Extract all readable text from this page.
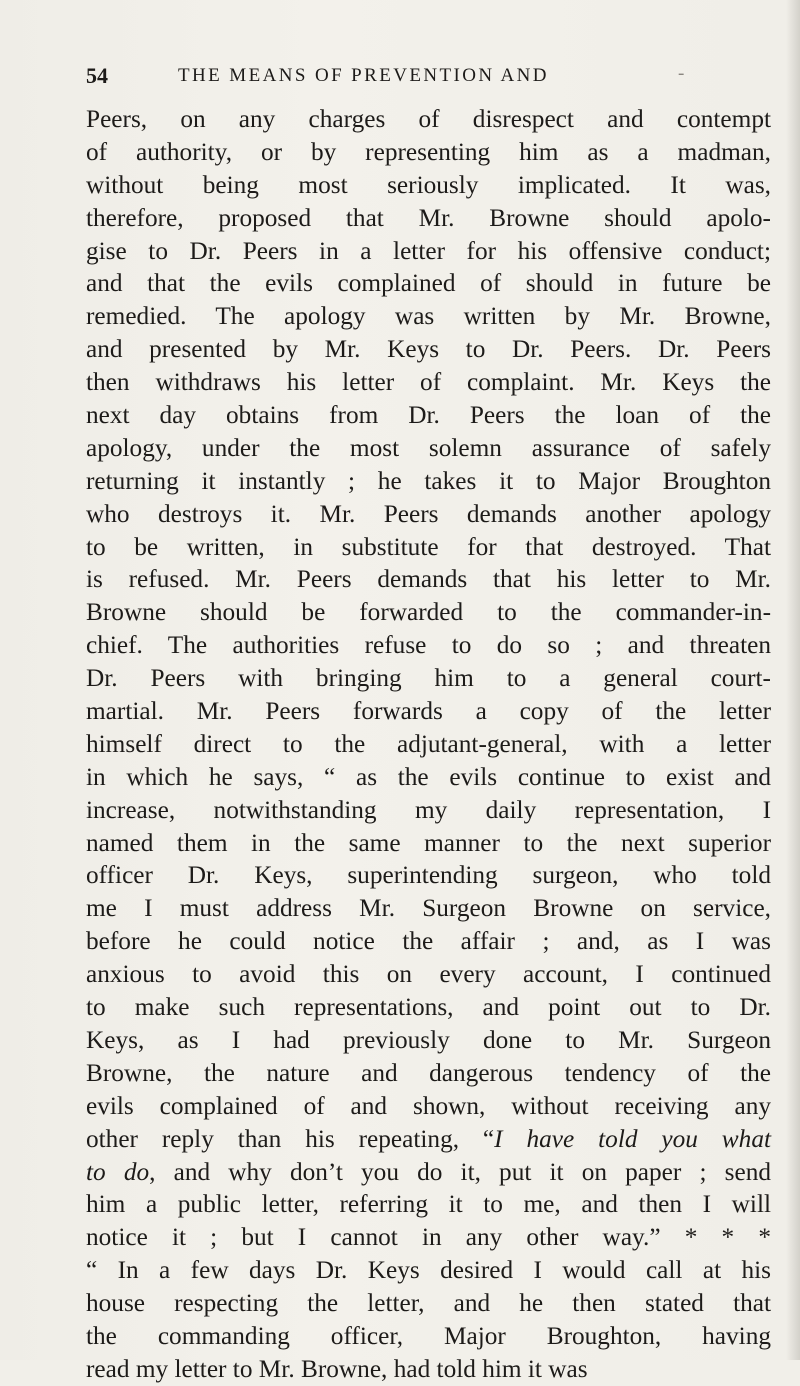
54	THE MEANS OF PREVENTION AND	-
Peers, on any charges of disrespect and contempt
of authority, or by representing him as a madman,
without being most seriously implicated. It was,
therefore, proposed that Mr. Browne should apolo-
gise to Dr. Peers in a letter for his offensive conduct;
and that the evils complained of should in future be
remedied. The apology was written by Mr. Browne,
and presented by Mr. Keys to Dr. Peers. Dr. Peers
then withdraws his letter of complaint. Mr. Keys the
next day obtains from Dr. Peers the loan of the
apology, under the most solemn assurance of safely
returning it instantly ; he takes it to Major Broughton
who destroys it. Mr. Peers demands another apology
to be written, in substitute for that destroyed. That
is refused. Mr. Peers demands that his letter to Mr.
Browne should be forwarded to the commander-in-
chief. The authorities refuse to do so ; and threaten
Dr. Peers with bringing him to a general court-
martial. Mr. Peers forwards a copy of the letter
himself direct to the adjutant-general, with a letter
in which he says, “ as the evils continue to exist and
increase, notwithstanding my daily representation, I
named them in the same manner to the next superior
officer Dr. Keys, superintending surgeon, who told
me I must address Mr. Surgeon Browne on service,
before he could notice the affair ; and, as I was
anxious to avoid this on every account, I continued
to make such representations, and point out to Dr.
Keys, as I had previously done to Mr. Surgeon
Browne, the nature and dangerous tendency of the
evils complained of and shown, without receiving any
other reply than his repeating, “I have told you what
to do, and why don’t you do it, put it on paper ; send
him a public letter, referring it to me, and then I will
notice it ; but I cannot in any other way.” * * *
“ In a few days Dr. Keys desired I would call at his
house respecting the letter, and he then stated that
the commanding officer, Major Broughton, having
read my letter to Mr. Browne, had told him it was
